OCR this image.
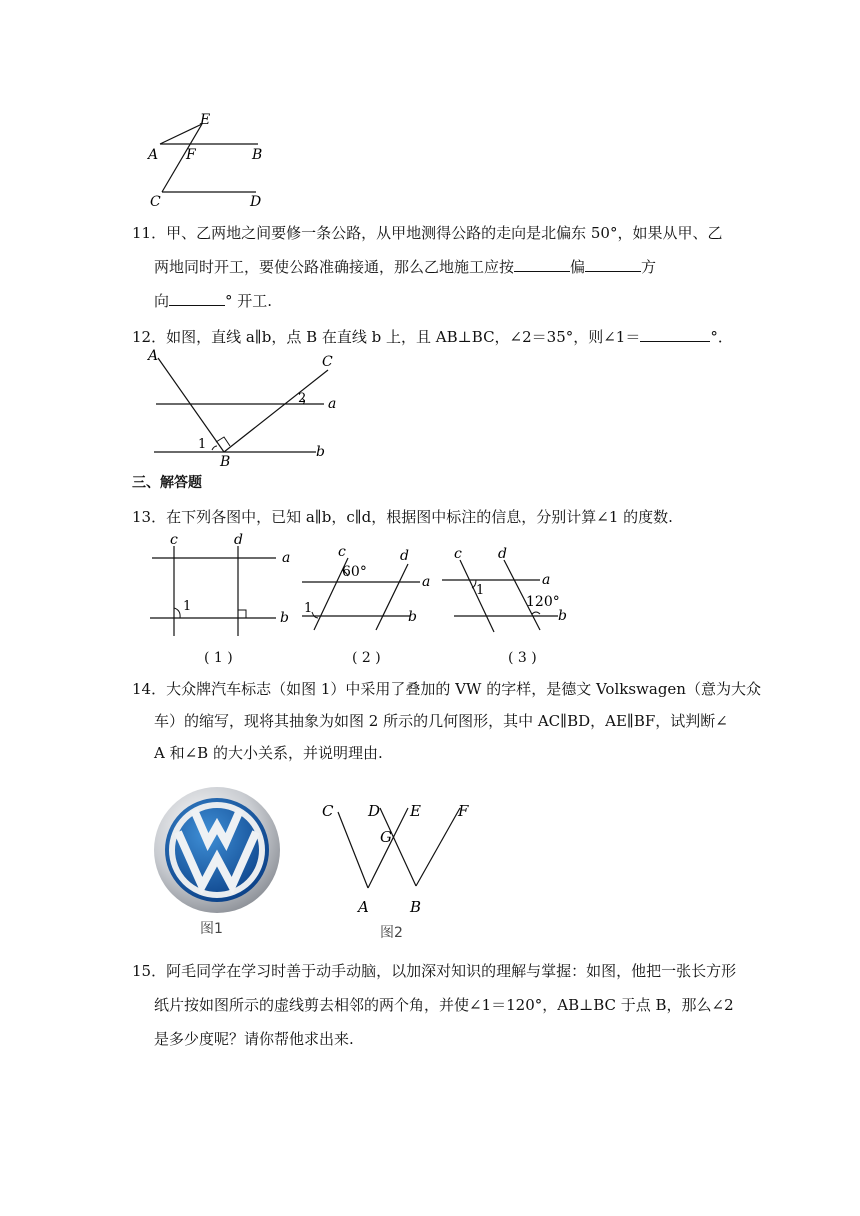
E
A F	B
C	D
11．甲、乙两地之间要修一条公路，从甲地测得公路的走向是北偏东 50°，如果从甲、乙
两地同时开工，要使公路准确接通，那么乙地施工应按	偏	方
向	° 开工.
12．如图，直线 a∥b，点 B 在直线 b 上，且 AB⊥BC，∠2＝35°，则∠1＝	°．
A	C
2 a
1
B
b
三、解答题
13．在下列各图中，已知 a∥b，c∥d，根据图中标注的信息，分别计算∠1 的度数.
c	d
a
b
1
( 1 )
c	d
60°
a
b
1
( 2 )
c	d
a
b
1
120°
( 3 )
14．大众牌汽车标志（如图 1）中采用了叠加的 VW 的字样，是德文 Volkswagen（意为大众
车）的缩写，现将其抽象为如图 2 所示的几何图形，其中 AC∥BD，AE∥BF，试判断∠
A 和∠B 的大小关系，并说明理由.
图1
C D E F
G
A	B
图2
15．阿毛同学在学习时善于动手动脑，以加深对知识的理解与掌握：如图，他把一张长方形
纸片按如图所示的虚线剪去相邻的两个角，并使∠1＝120°，AB⊥BC 于点 B，那么∠2
是多少度呢？请你帮他求出来.
